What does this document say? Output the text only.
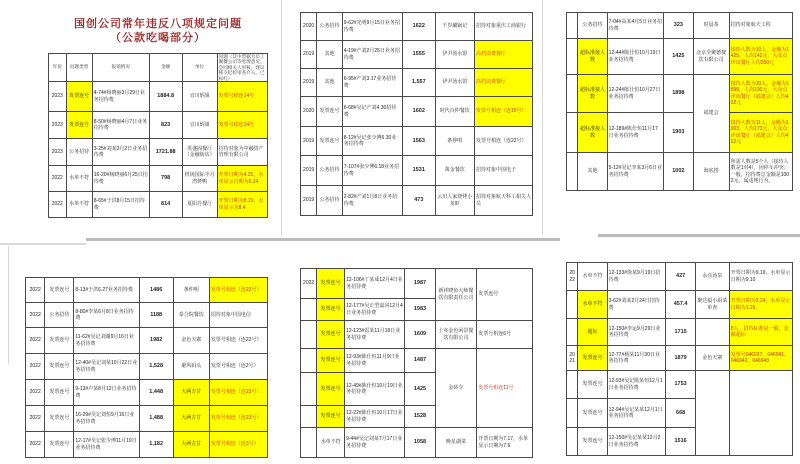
国创公司常年违反八项规定问题
（公款吃喝部分）
年份	问题类型	报销情况	金额	单位	问题（其中票据为员工聚餐公司等处理意见，会同相关人审核，建议移交纪检审查介入，已标红）
2023	发票连号	4-74#杨晓丽3月29日业务招待费	1884.8	宜川炳姐	发票号相连14号
2023	发票连号	8-50#杨晓丽4月7日业务招待费	823	宜川炳姐	发票号相连14号
2023	公务招待	3-25#刘某3月2日业务招待费	1721.88	英盛阁餐厅（金融街店）	招待对象为中融资产管理有限公司
2022	水单不符	16-20#杨晓丽6月25日招待费	798	机场国际半月湾烤鸭	开票日期为4.25，水单显示日期为6.24
2022	水单不符	8-65#于洪8月15日招待费	814	夏阳丹餐厅	开票日期为8.15，水单显示为8.4
2020	公务招待	9-62#光明9月15日业务招待费	1622	千岁涮锅记	招待对象重庆工商银行
2019	其他	4-19#产刘2月25日业务招待费	1555	伊尹汤水馆	高档消费餐厅
2019	其他	6-95#产刘3.17业务招待费	1,557	伊尹汤水馆	高档消费餐厅
2020	发票连号	6-68#吴记产刘4.30招待费	1602	时代百仲餐饮	发票号相连（连15号）
2019	发票连号	8-12#吴记张少博6.30业务招待费	1563	条仲明	发票号相连（连22号）
2019	公务招待	7-107#张少博6.18业务招待费	1531	萬金餐饮	招待对象中国电子
2019	公务招待	2-82#产刘1月8日业务招待费	473	云川人家烧烤小龙虾	招待对象航天科工相关人员
	公务招待	7-04#高某4月5日业务招待费	323	时晨茶	招待对象航天工程
	超标准接人数	12-44#陈仕恒10月19日业务招待费	1425	北京全聚德餐饮有限公司	接待人数为10人，金额为1425，人均142元，大众点评该餐厅人均250元
	超标准接人数	12-24#陈仕恒10月27日业务招待费	1898	福建会	接待人数为10人，金额为1898，人均190元，大众点评该餐厅（福建会）人均422元
	超标准接人数	12-189#陈仕恒11月17日业务招待费	1903		接待人数为11人，金额为1903，人均173元，大众点评该餐厅（福建会）人均422元
	其他	5-12#吴记李某3月6日业务招待费	1002	海底捞	所需人数是5个人（接待人数是1对4），因停车冲突；一般，招待费总金额是1002元，属违规行为。
2022	发票连号	8-13#于洪6.27业务招待费	1486	条仲明	发票号相连（连22号）
2022	公务招待	8-80#李某6月8日业务招待费	1188	泰合院餐饮	招待对象中国电信
2022	发票连号	11-62#吴记刘谢9月16日业务招待费	1982	金色天寨	发票号相连（连22号）
2022	发票连号	12-40#吴记刘某10月22日业务招待费	1,528	避风码头	发票号相连（连2号）
2022	发票连号	9-13#卢某8月12日业务招待费	1,448	大两方甘	发票号相连（连23号）
2022	发票连号	16-29#吴记刘恒9月16日业务招待费	1,488	大两方甘	发票号相连（连23号）
2022	发票连号	12-17#吴记张少博11月19日业务招待费	1,182	大两方甘	发票号相连（连3号）
2022	发票连号	12-106#丁某成12月4日业务招待费	1987	新祥晓鱼大师餐饮有限责任公司	发票连号
	发票连号	12-177#吴正型嘉同12月4日业务招待费	1983		
	发票连号	12-123#雷某11月18日业务招待费	1609	士亥金色闲景餐饮有限公司	发票号相连6号
	发票连号	12-93#陈仕恒11月9日业务招待费	1487	金砖令	发票号相连11号
	发票连号	12-49#陈仕恒10月19日业务招待费	1425		
	发票连号	12-22#陈仕恒10月17日业务招待费	1528		
	水单不符	9-44#吴记刘某7月17日业务招待费	1058	晚星湖菜	开票日期为7.17，水单显示日期为7.6
2022	水单不符	12-133#徐某9月19日招待费	427	永亮汤泉	开票日期为9.19，水单显示日期为9.10
	水单不符	3-62#刘某2月24日招待费	457.4	聚达福小厨菜单查	开票日期为2.24，水单显示日期为1.29，
	超标	12-150#李运9月29日业务招待费	1715		8人，招待标准是一般，金额超标
2021	发票连号	12-77#杨某11月30日业务招待费	1879	金色天寨	发票号046937、046941、046942、046943
	发票连号	12-93#吴记陈某恒12月1日业务招待费	1753		
	发票连号	12-94#吴记某某12月1日业务招待费	668		
	发票连号	12-150#吴记某某12月2日业务招待费	1516		
